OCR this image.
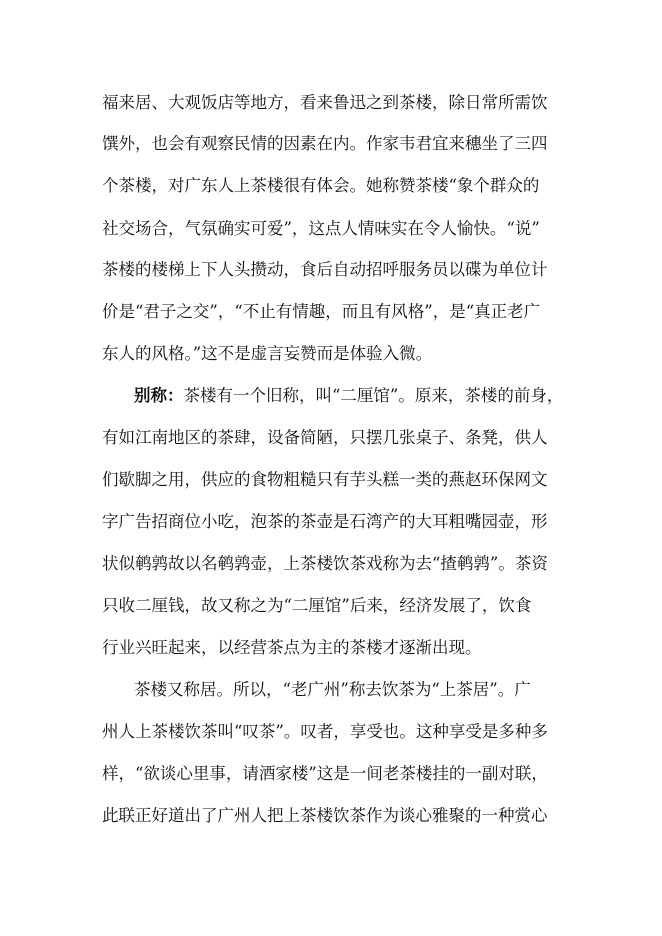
福来居、大观饭店等地方，看来鲁迅之到茶楼，除日常所需饮
馔外，也会有观察民情的因素在内。作家韦君宜来穗坐了三四
个茶楼，对广东人上茶楼很有体会。她称赞茶楼“象个群众的
社交场合，气氛确实可爱”，这点人情味实在令人愉快。“说”
茶楼的楼梯上下人头攒动，食后自动招呼服务员以碟为单位计
价是“君子之交”，“不止有情趣，而且有风格”，是“真正老广
东人的风格。”这不是虚言妄赞而是体验入微。
别称：茶楼有一个旧称，叫“二厘馆”。原来，茶楼的前身，
有如江南地区的茶肆，设备简陋，只摆几张桌子、条凳，供人
们歇脚之用，供应的食物粗糙只有芋头糕一类的燕赵环保网文
字广告招商位小吃，泡茶的茶壶是石湾产的大耳粗嘴园壶，形
状似鹌鹑故以名鹌鹑壶，上茶楼饮茶戏称为去“揸鹌鹑”。茶资
只收二厘钱，故又称之为“二厘馆”后来，经济发展了，饮食
行业兴旺起来，以经营茶点为主的茶楼才逐渐出现。
茶楼又称居。所以，“老广州”称去饮茶为“上茶居”。广
州人上茶楼饮茶叫“叹茶”。叹者，享受也。这种享受是多种多
样，“欲谈心里事，请酒家楼”这是一间老茶楼挂的一副对联，
此联正好道出了广州人把上茶楼饮茶作为谈心雅聚的一种赏心
